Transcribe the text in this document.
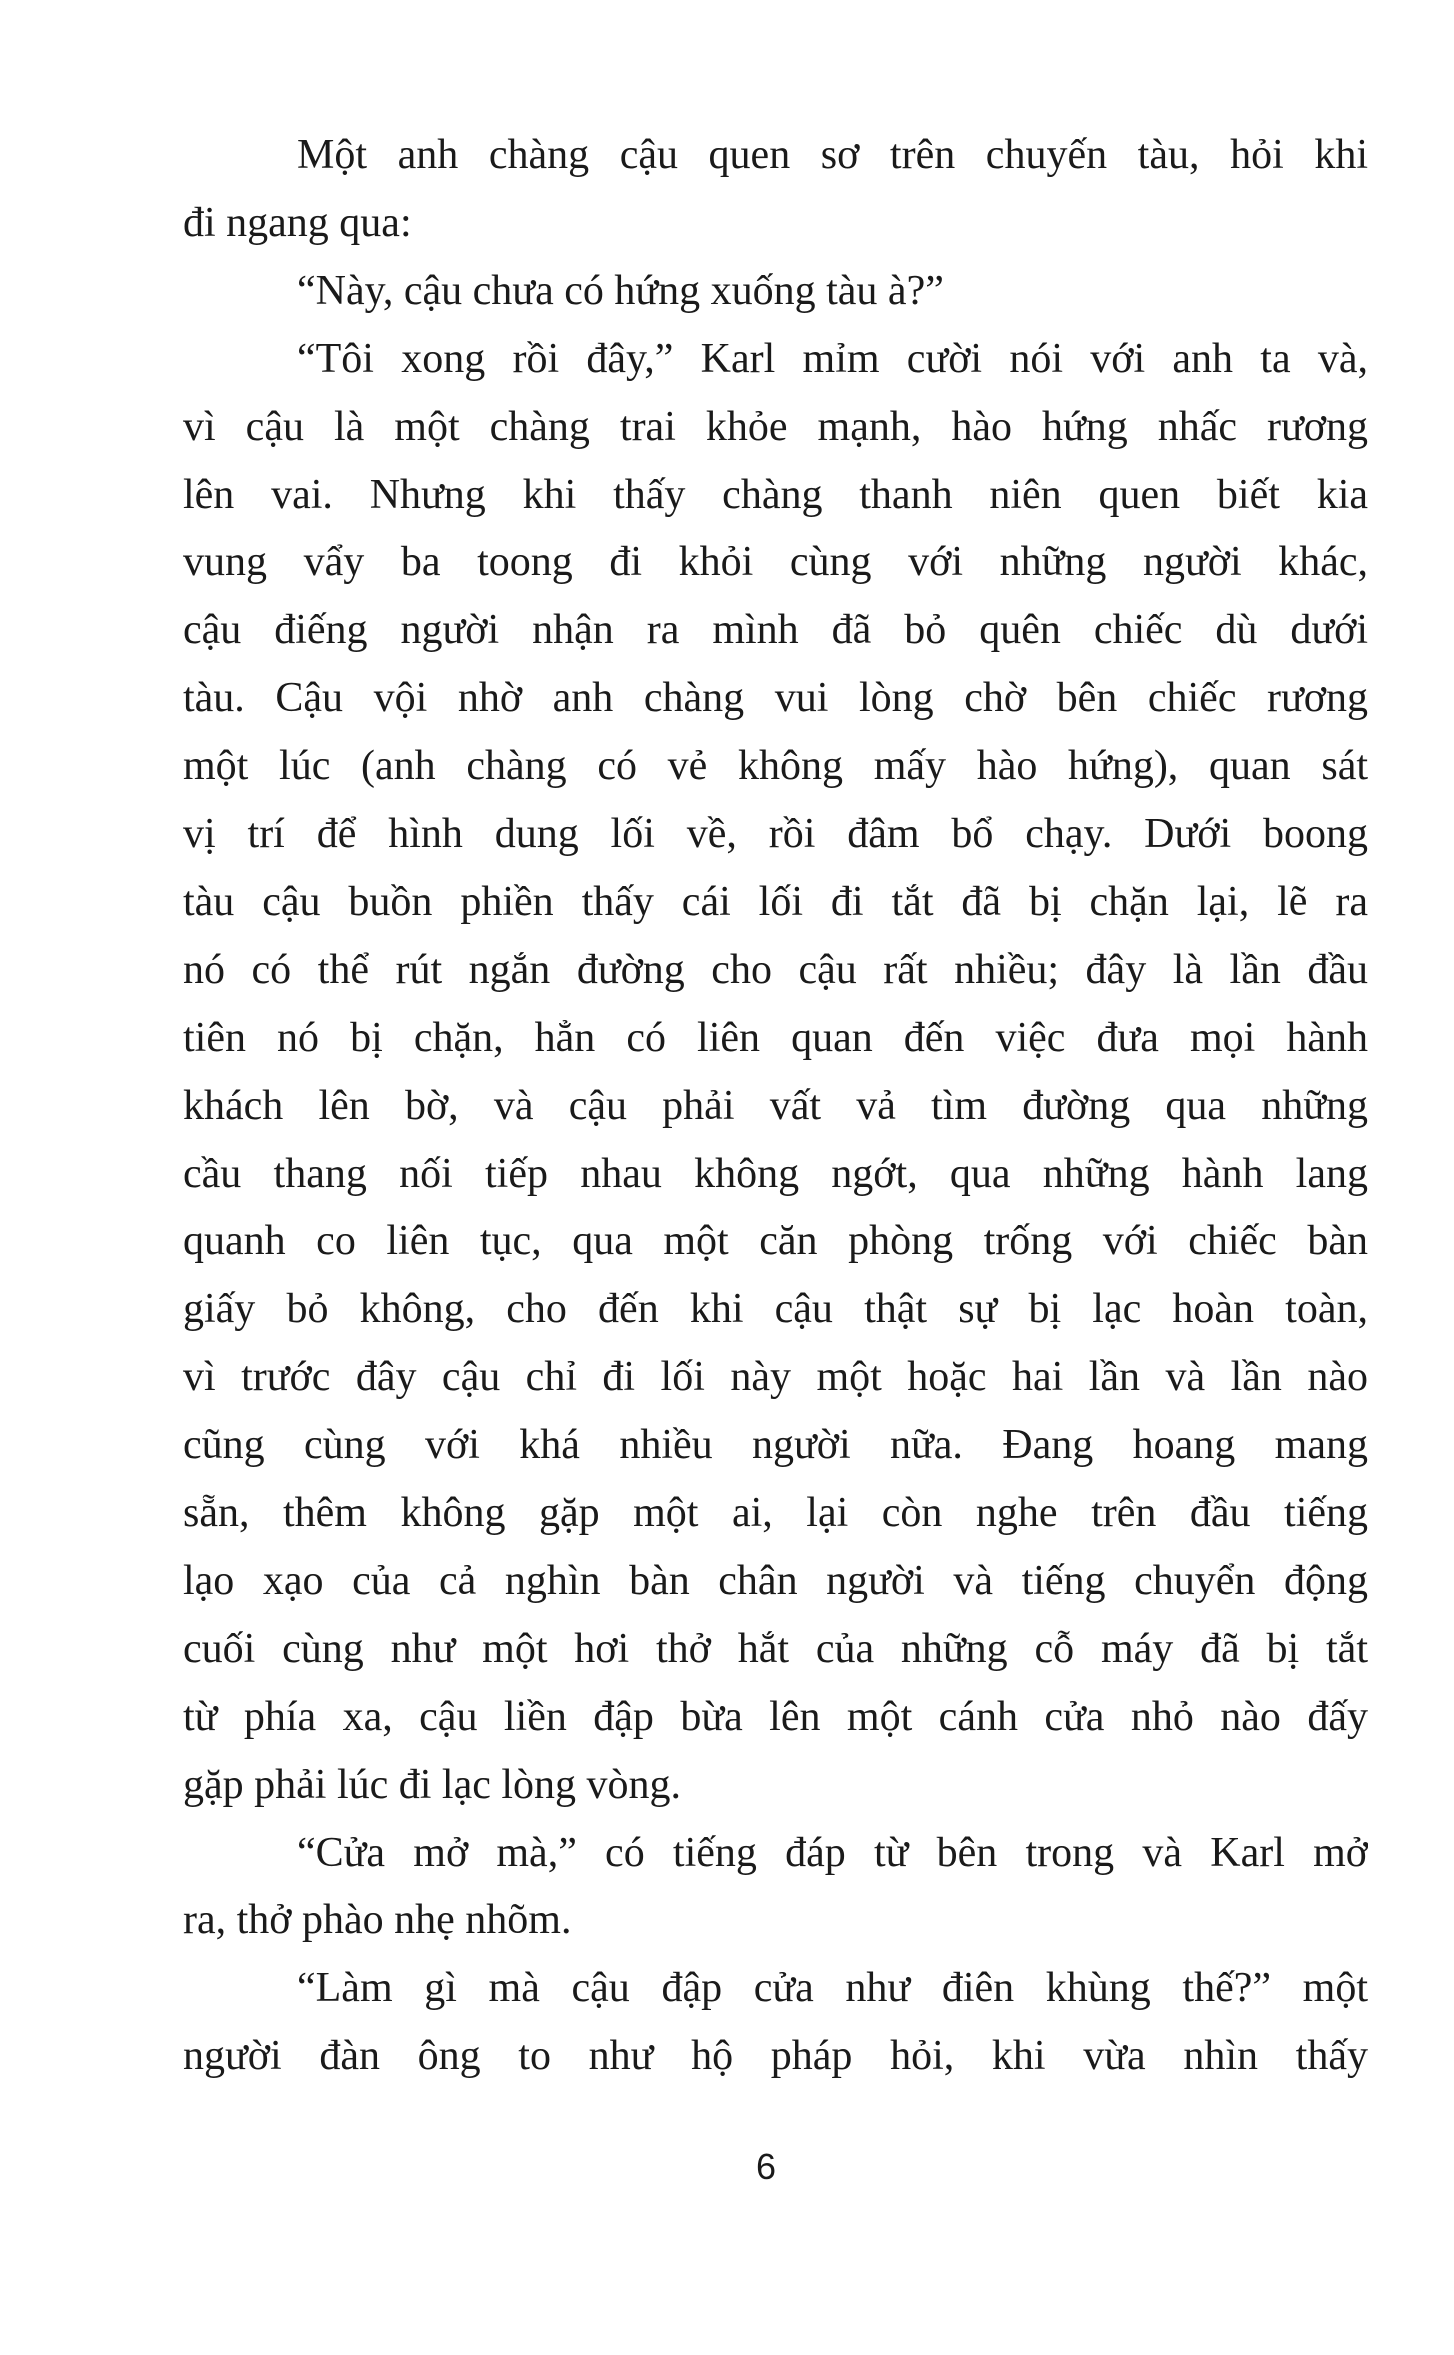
Một anh chàng cậu quen sơ trên chuyến tàu, hỏi khi
đi ngang qua:
“Này, cậu chưa có hứng xuống tàu à?”
“Tôi xong rồi đây,” Karl mỉm cười nói với anh ta và,
vì cậu là một chàng trai khỏe mạnh, hào hứng nhấc rương
lên vai. Nhưng khi thấy chàng thanh niên quen biết kia
vung vẩy ba toong đi khỏi cùng với những người khác,
cậu điếng người nhận ra mình đã bỏ quên chiếc dù dưới
tàu. Cậu vội nhờ anh chàng vui lòng chờ bên chiếc rương
một lúc (anh chàng có vẻ không mấy hào hứng), quan sát
vị trí để hình dung lối về, rồi đâm bổ chạy. Dưới boong
tàu cậu buồn phiền thấy cái lối đi tắt đã bị chặn lại, lẽ ra
nó có thể rút ngắn đường cho cậu rất nhiều; đây là lần đầu
tiên nó bị chặn, hẳn có liên quan đến việc đưa mọi hành
khách lên bờ, và cậu phải vất vả tìm đường qua những
cầu thang nối tiếp nhau không ngớt, qua những hành lang
quanh co liên tục, qua một căn phòng trống với chiếc bàn
giấy bỏ không, cho đến khi cậu thật sự bị lạc hoàn toàn,
vì trước đây cậu chỉ đi lối này một hoặc hai lần và lần nào
cũng cùng với khá nhiều người nữa. Đang hoang mang
sẵn, thêm không gặp một ai, lại còn nghe trên đầu tiếng
lạo xạo của cả nghìn bàn chân người và tiếng chuyển động
cuối cùng như một hơi thở hắt của những cỗ máy đã bị tắt
từ phía xa, cậu liền đập bừa lên một cánh cửa nhỏ nào đấy
gặp phải lúc đi lạc lòng vòng.
“Cửa mở mà,” có tiếng đáp từ bên trong và Karl mở
ra, thở phào nhẹ nhõm.
“Làm gì mà cậu đập cửa như điên khùng thế?” một
người đàn ông to như hộ pháp hỏi, khi vừa nhìn thấy
6
